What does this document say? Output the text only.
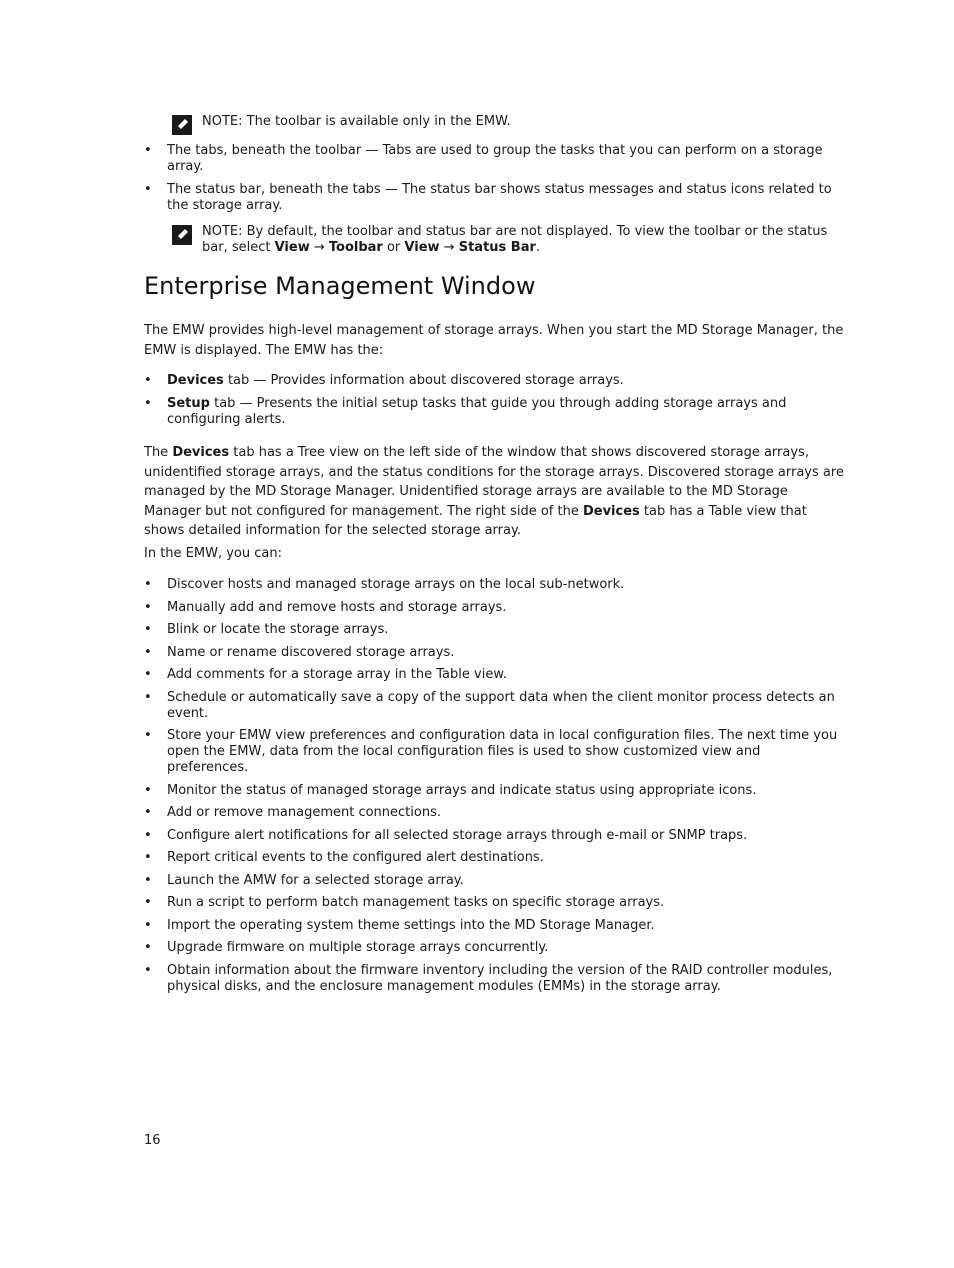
NOTE: The toolbar is available only in the EMW.
• The tabs, beneath the toolbar — Tabs are used to group the tasks that you can perform on a storage array.
• The status bar, beneath the tabs — The status bar shows status messages and status icons related to the storage array.
NOTE: By default, the toolbar and status bar are not displayed. To view the toolbar or the status bar, select View → Toolbar or View → Status Bar.
Enterprise Management Window

The EMW provides high-level management of storage arrays. When you start the MD Storage Manager, the EMW is displayed. The EMW has the:

• Devices tab — Provides information about discovered storage arrays.
• Setup tab — Presents the initial setup tasks that guide you through adding storage arrays and configuring alerts.

The Devices tab has a Tree view on the left side of the window that shows discovered storage arrays, unidentified storage arrays, and the status conditions for the storage arrays. Discovered storage arrays are managed by the MD Storage Manager. Unidentified storage arrays are available to the MD Storage Manager but not configured for management. The right side of the Devices tab has a Table view that shows detailed information for the selected storage array.

In the EMW, you can:

• Discover hosts and managed storage arrays on the local sub-network.
• Manually add and remove hosts and storage arrays.
• Blink or locate the storage arrays.
• Name or rename discovered storage arrays.
• Add comments for a storage array in the Table view.
• Schedule or automatically save a copy of the support data when the client monitor process detects an event.
• Store your EMW view preferences and configuration data in local configuration files. The next time you open the EMW, data from the local configuration files is used to show customized view and preferences.
• Monitor the status of managed storage arrays and indicate status using appropriate icons.
• Add or remove management connections.
• Configure alert notifications for all selected storage arrays through e-mail or SNMP traps.
• Report critical events to the configured alert destinations.
• Launch the AMW for a selected storage array.
• Run a script to perform batch management tasks on specific storage arrays.
• Import the operating system theme settings into the MD Storage Manager.
• Upgrade firmware on multiple storage arrays concurrently.
• Obtain information about the firmware inventory including the version of the RAID controller modules, physical disks, and the enclosure management modules (EMMs) in the storage array.
16
